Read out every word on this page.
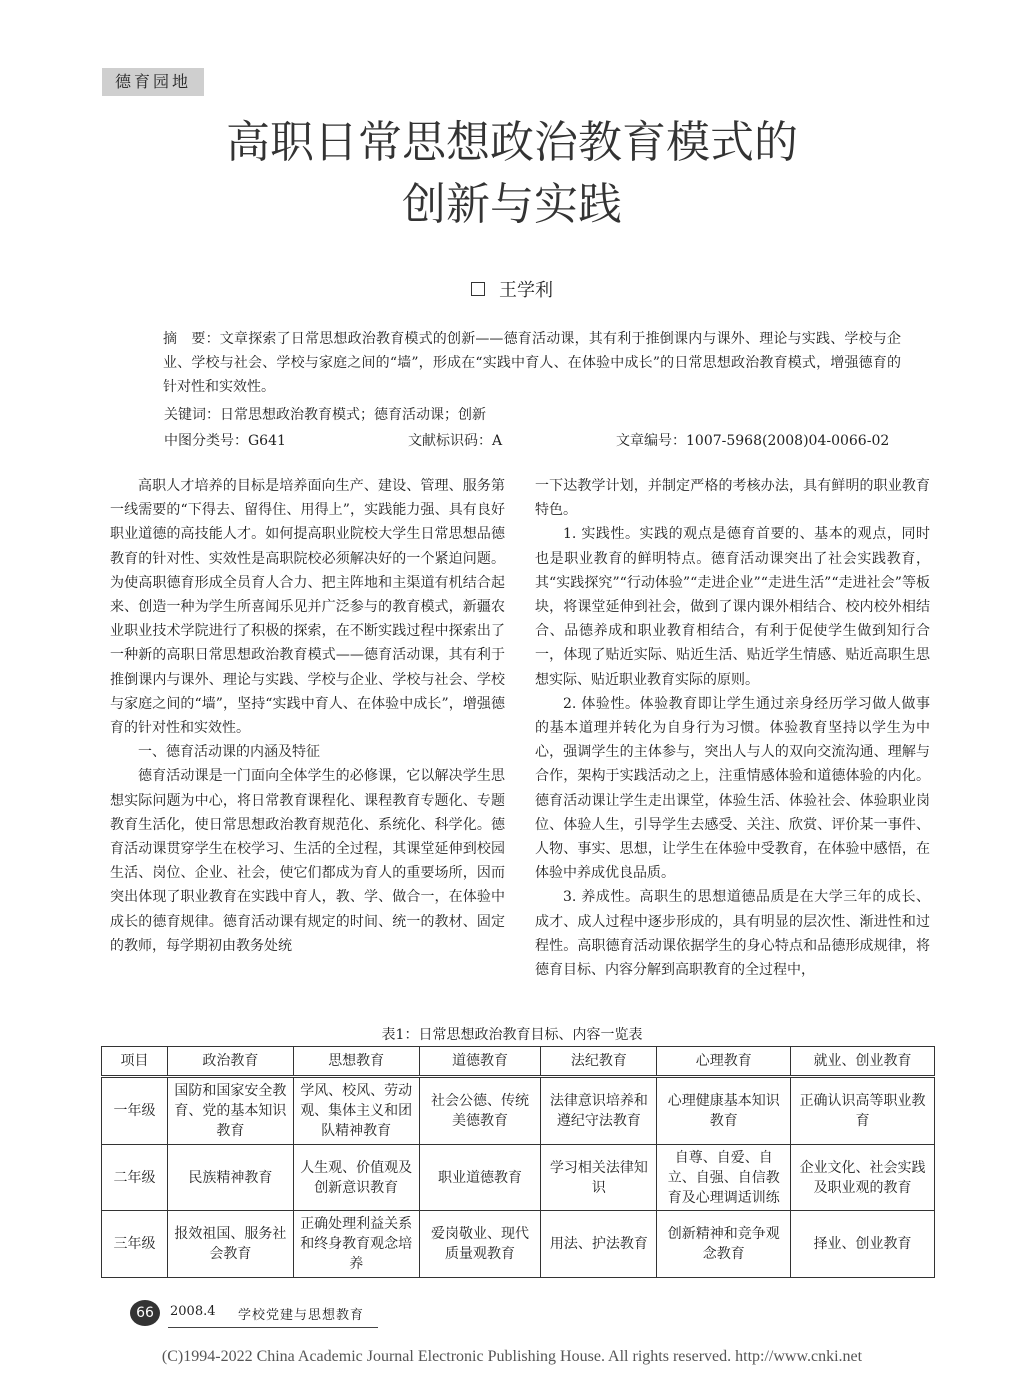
德育园地
高职日常思想政治教育模式的
创新与实践
王学利
摘　要：文章探索了日常思想政治教育模式的创新——德育活动课，其有利于推倒课内与课外、理论与实践、学校与企业、学校与社会、学校与家庭之间的“墙”，形成在“实践中育人、在体验中成长”的日常思想政治教育模式，增强德育的针对性和实效性。
关键词：日常思想政治教育模式；德育活动课；创新
中图分类号：G641	文献标识码：A	文章编号：1007-5968(2008)04-0066-02

高职人才培养的目标是培养面向生产、建设、管理、服务第一线需要的“下得去、留得住、用得上”，实践能力强、具有良好职业道德的高技能人才。如何提高职业院校大学生日常思想品德教育的针对性、实效性是高职院校必须解决好的一个紧迫问题。为使高职德育形成全员育人合力、把主阵地和主渠道有机结合起来、创造一种为学生所喜闻乐见并广泛参与的教育模式，新疆农业职业技术学院进行了积极的探索，在不断实践过程中探索出了一种新的高职日常思想政治教育模式——德育活动课，其有利于推倒课内与课外、理论与实践、学校与企业、学校与社会、学校与家庭之间的“墙”，坚持“实践中育人、在体验中成长”，增强德育的针对性和实效性。

一、德育活动课的内涵及特征

德育活动课是一门面向全体学生的必修课，它以解决学生思想实际问题为中心，将日常教育课程化、课程教育专题化、专题教育生活化，使日常思想政治教育规范化、系统化、科学化。德育活动课贯穿学生在校学习、生活的全过程，其课堂延伸到校园生活、岗位、企业、社会，使它们都成为育人的重要场所，因而突出体现了职业教育在实践中育人，教、学、做合一，在体验中成长的德育规律。德育活动课有规定的时间、统一的教材、固定的教师，每学期初由教务处统

一下达教学计划，并制定严格的考核办法，具有鲜明的职业教育特色。

1. 实践性。实践的观点是德育首要的、基本的观点，同时也是职业教育的鲜明特点。德育活动课突出了社会实践教育，其“实践探究”“行动体验”“走进企业”“走进生活”“走进社会”等板块，将课堂延伸到社会，做到了课内课外相结合、校内校外相结合、品德养成和职业教育相结合，有利于促使学生做到知行合一，体现了贴近实际、贴近生活、贴近学生情感、贴近高职生思想实际、贴近职业教育实际的原则。

2. 体验性。体验教育即让学生通过亲身经历学习做人做事的基本道理并转化为自身行为习惯。体验教育坚持以学生为中心，强调学生的主体参与，突出人与人的双向交流沟通、理解与合作，架构于实践活动之上，注重情感体验和道德体验的内化。德育活动课让学生走出课堂，体验生活、体验社会、体验职业岗位、体验人生，引导学生去感受、关注、欣赏、评价某一事件、人物、事实、思想，让学生在体验中受教育，在体验中感悟，在体验中养成优良品质。

3. 养成性。高职生的思想道德品质是在大学三年的成长、成才、成人过程中逐步形成的，具有明显的层次性、渐进性和过程性。高职德育活动课依据学生的身心特点和品德形成规律，将德育目标、内容分解到高职教育的全过程中，

表1：日常思想政治教育目标、内容一览表
项目	政治教育	思想教育	道德教育	法纪教育	心理教育	就业、创业教育
一年级	国防和国家安全教育、党的基本知识教育	学风、校风、劳动观、集体主义和团队精神教育	社会公德、传统美德教育	法律意识培养和遵纪守法教育	心理健康基本知识教育	正确认识高等职业教育
二年级	民族精神教育	人生观、价值观及创新意识教育	职业道德教育	学习相关法律知识	自尊、自爱、自立、自强、自信教育及心理调适训练	企业文化、社会实践及职业观的教育
三年级	报效祖国、服务社会教育	正确处理利益关系和终身教育观念培养	爱岗敬业、现代质量观教育	用法、护法教育	创新精神和竞争观念教育	择业、创业教育
66	2008.4 学校党建与思想教育
(C)1994-2022 China Academic Journal Electronic Publishing House. All rights reserved. http://www.cnki.net
